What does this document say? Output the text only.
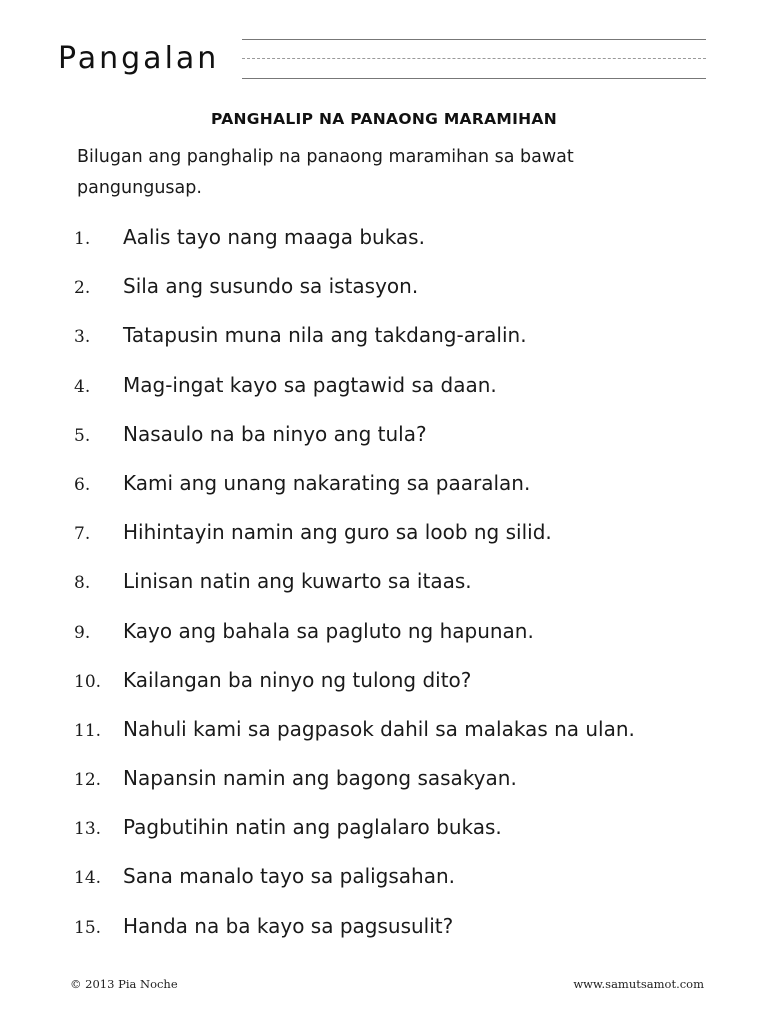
Pangalan
PANGHALIP NA PANAONG MARAMIHAN
Bilugan ang panghalip na panaong maramihan sa bawat pangungusap.
1.	Aalis tayo nang maaga bukas.
2.	Sila ang susundo sa istasyon.
3.	Tatapusin muna nila ang takdang-aralin.
4.	Mag-ingat kayo sa pagtawid sa daan.
5.	Nasaulo na ba ninyo ang tula?
6.	Kami ang unang nakarating sa paaralan.
7.	Hihintayin namin ang guro sa loob ng silid.
8.	Linisan natin ang kuwarto sa itaas.
9.	Kayo ang bahala sa pagluto ng hapunan.
10.	Kailangan ba ninyo ng tulong dito?
11.	Nahuli kami sa pagpasok dahil sa malakas na ulan.
12.	Napansin namin ang bagong sasakyan.
13.	Pagbutihin natin ang paglalaro bukas.
14.	Sana manalo tayo sa paligsahan.
15.	Handa na ba kayo sa pagsusulit?
© 2013 Pia Noche	www.samutsamot.com
